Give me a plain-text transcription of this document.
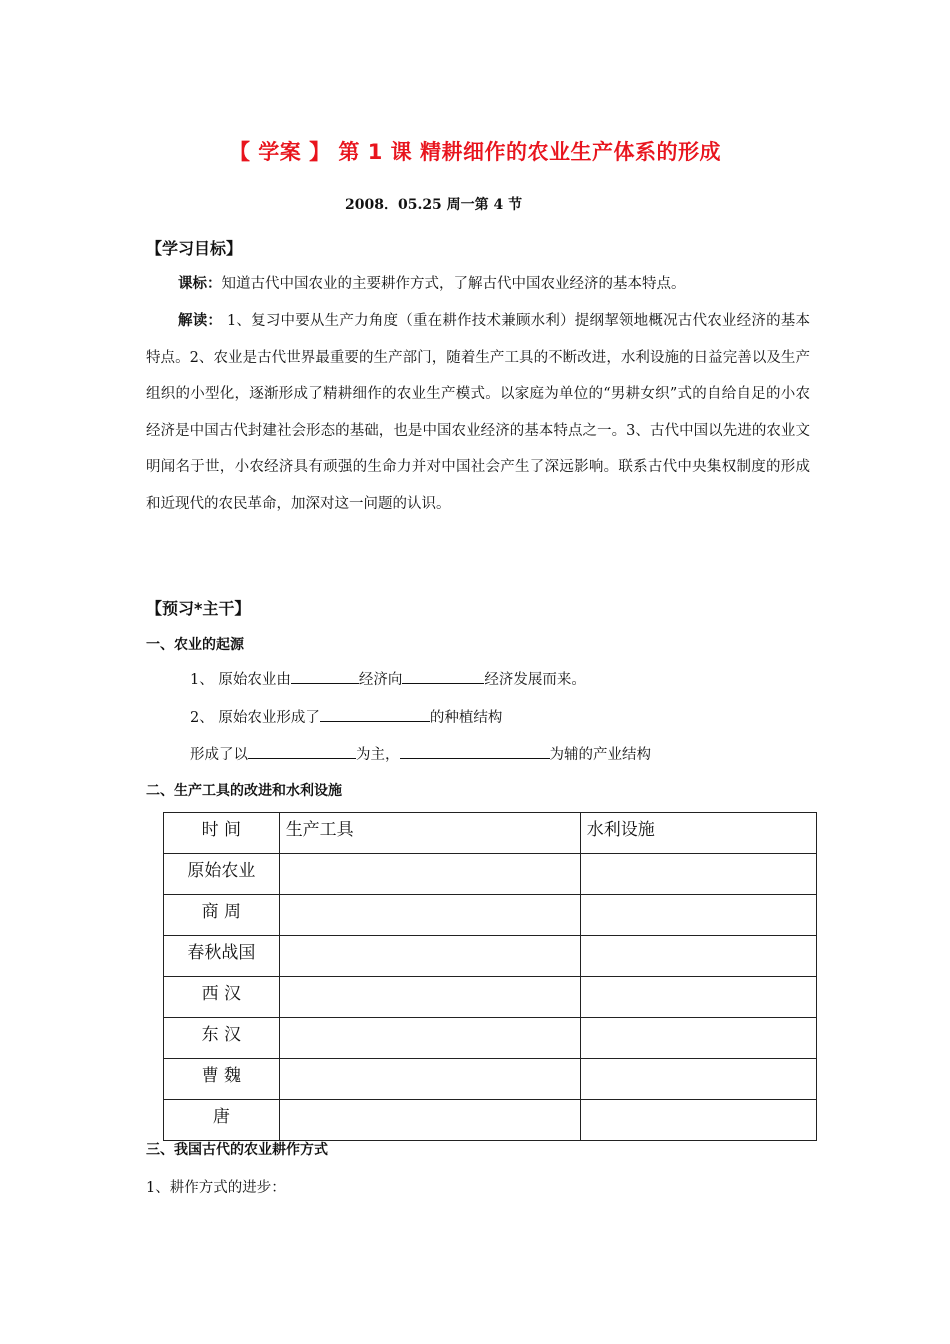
【 学案 】 第 1 课 精耕细作的农业生产体系的形成
2008．05.25 周一第 4 节
【学习目标】
课标：知道古代中国农业的主要耕作方式，了解古代中国农业经济的基本特点。
解读： 1、复习中要从生产力角度（重在耕作技术兼顾水利）提纲挈领地概况古代农业经济的基本特点。2、农业是古代世界最重要的生产部门，随着生产工具的不断改进，水利设施的日益完善以及生产组织的小型化，逐渐形成了精耕细作的农业生产模式。以家庭为单位的“男耕女织”式的自给自足的小农经济是中国古代封建社会形态的基础，也是中国农业经济的基本特点之一。3、古代中国以先进的农业文明闻名于世，小农经济具有顽强的生命力并对中国社会产生了深远影响。联系古代中央集权制度的形成和近现代的农民革命，加深对这一问题的认识。
【预习*主干】
一、农业的起源
1、 原始农业由	经济向	经济发展而来。
2、 原始农业形成了	的种植结构
形成了以	为主，	为辅的产业结构
二、生产工具的改进和水利设施
时 间	生产工具	水利设施
原始农业		
商 周		
春秋战国		
西 汉		
东 汉		
曹 魏		
唐		
三、我国古代的农业耕作方式
1、耕作方式的进步：
